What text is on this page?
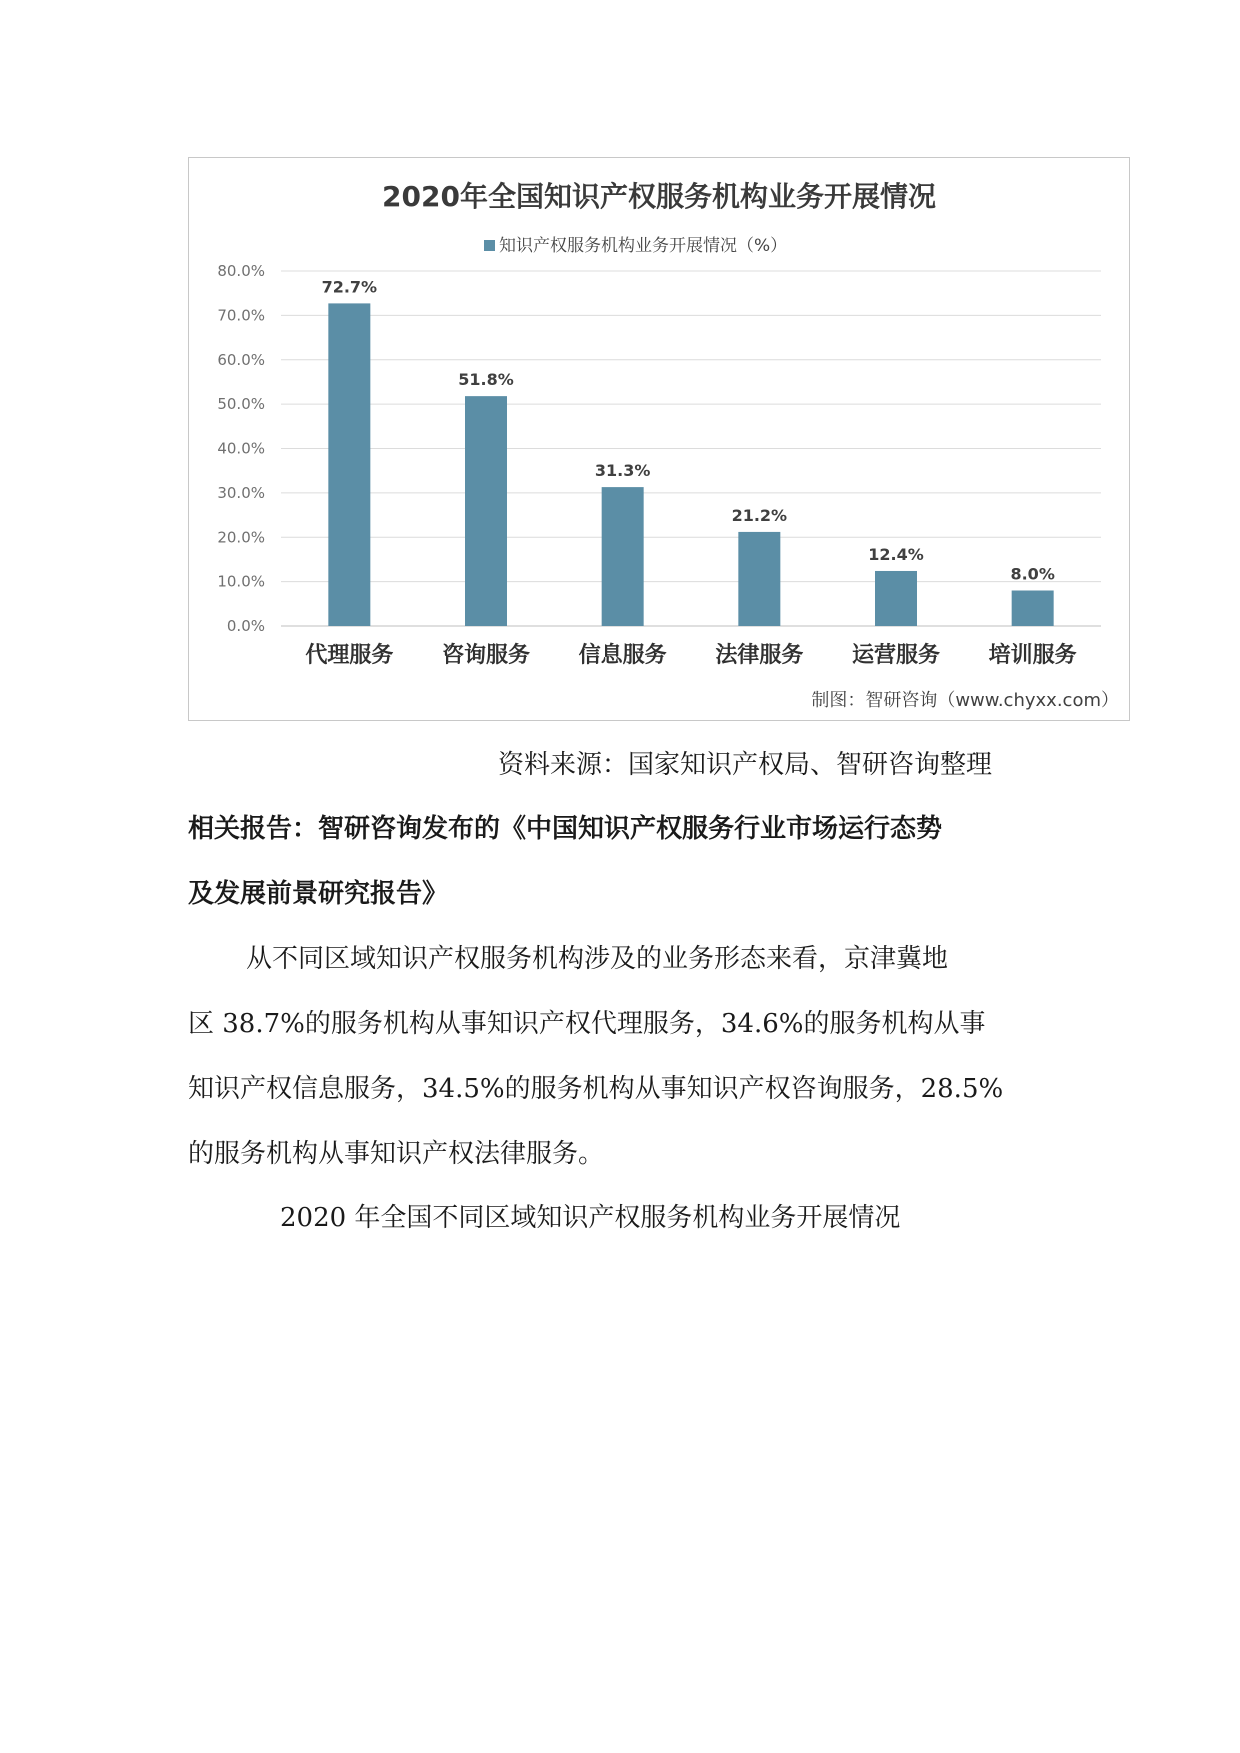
2020年全国知识产权服务机构业务开展情况
知识产权服务机构业务开展情况（%）
0.0%
10.0%
20.0%
30.0%
40.0%
50.0%
60.0%
70.0%
80.0%
72.7%
代理服务
51.8%
咨询服务
31.3%
信息服务
21.2%
法律服务
12.4%
运营服务
8.0%
培训服务
制图：智研咨询（www.chyxx.com）
资料来源：国家知识产权局、智研咨询整理
相关报告：智研咨询发布的《中国知识产权服务行业市场运行态势
及发展前景研究报告》
从不同区域知识产权服务机构涉及的业务形态来看，京津冀地
区 38.7%的服务机构从事知识产权代理服务，34.6%的服务机构从事
知识产权信息服务，34.5%的服务机构从事知识产权咨询服务，28.5%
的服务机构从事知识产权法律服务。
2020 年全国不同区域知识产权服务机构业务开展情况
